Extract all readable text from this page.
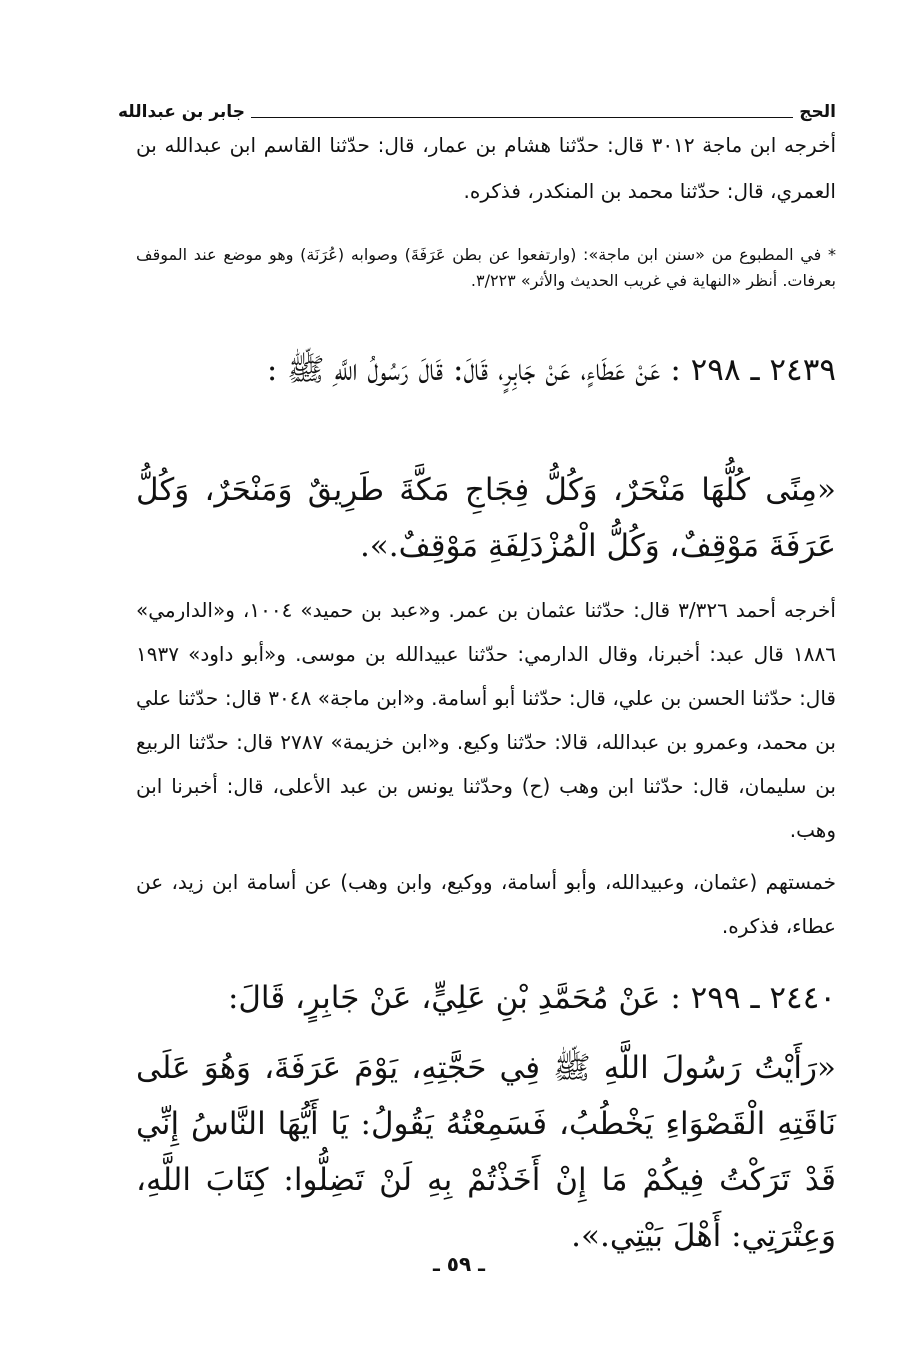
الحج
جابر بن عبدالله

أخرجه ابن ماجة ٣٠١٢ قال: حدّثنا هشام بن عمار، قال: حدّثنا القاسم ابن عبدالله بن العمري، قال: حدّثنا محمد بن المنكدر، فذكره.

* في المطبوع من «سنن ابن ماجة»: (وارتفعوا عن بطن عَرَفَةَ) وصوابه (عُرَنَة) وهو موضع عند الموقف بعرفات. أنظر «النهاية في غريب الحديث والأثر» ٣/٢٢٣.

٢٤٣٩ ـ ٢٩٨ : عَنْ عَطَاءٍ، عَنْ جَابِرٍ، قَالَ: قَالَ رَسُولُ اللَّهِ ﷺ :

«مِنًى كُلُّهَا مَنْحَرٌ، وَكُلُّ فِجَاجِ مَكَّةَ طَرِيقٌ وَمَنْحَرٌ، وَكُلُّ عَرَفَةَ مَوْقِفٌ، وَكُلُّ الْمُزْدَلِفَةِ مَوْقِفٌ.».

أخرجه أحمد ٣/٣٢٦ قال: حدّثنا عثمان بن عمر. و«عبد بن حميد» ١٠٠٤، و«الدارمي» ١٨٨٦ قال عبد: أخبرنا، وقال الدارمي: حدّثنا عبيدالله بن موسى. و«أبو داود» ١٩٣٧ قال: حدّثنا الحسن بن علي، قال: حدّثنا أبو أسامة. و«ابن ماجة» ٣٠٤٨ قال: حدّثنا علي بن محمد، وعمرو بن عبدالله، قالا: حدّثنا وكيع. و«ابن خزيمة» ٢٧٨٧ قال: حدّثنا الربيع بن سليمان، قال: حدّثنا ابن وهب (ح) وحدّثنا يونس بن عبد الأعلى، قال: أخبرنا ابن وهب.

خمستهم (عثمان، وعبيدالله، وأبو أسامة، ووكيع، وابن وهب) عن أسامة ابن زيد، عن عطاء، فذكره.

٢٤٤٠ ـ ٢٩٩ : عَنْ مُحَمَّدِ بْنِ عَلِيٍّ، عَنْ جَابِرٍ، قَالَ:

«رَأَيْتُ رَسُولَ اللَّهِ ﷺ فِي حَجَّتِهِ، يَوْمَ عَرَفَةَ، وَهُوَ عَلَى نَاقَتِهِ الْقَصْوَاءِ يَخْطُبُ، فَسَمِعْتُهُ يَقُولُ: يَا أَيُّهَا النَّاسُ إِنِّي قَدْ تَرَكْتُ فِيكُمْ مَا إِنْ أَخَذْتُمْ بِهِ لَنْ تَضِلُّوا: كِتَابَ اللَّهِ، وَعِتْرَتِي: أَهْلَ بَيْتِي.».

ـ ٥٩ ـ
